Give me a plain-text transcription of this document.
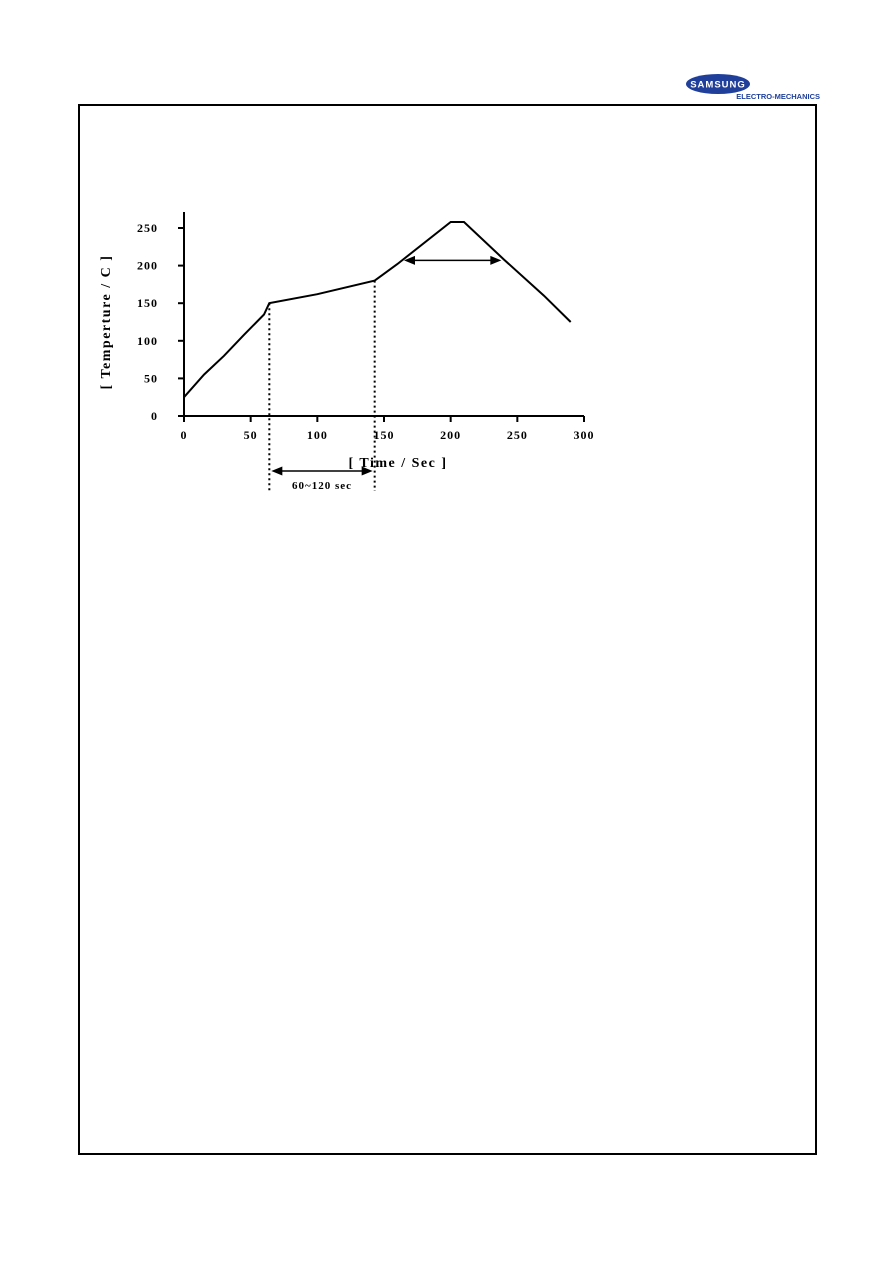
SAMSUNG
ELECTRO-MECHANICS
0
50
100
150
200
250
0	50	100	150	200	250	300
60~120 sec
[ Time / Sec ]
[ Temperture / C ]
